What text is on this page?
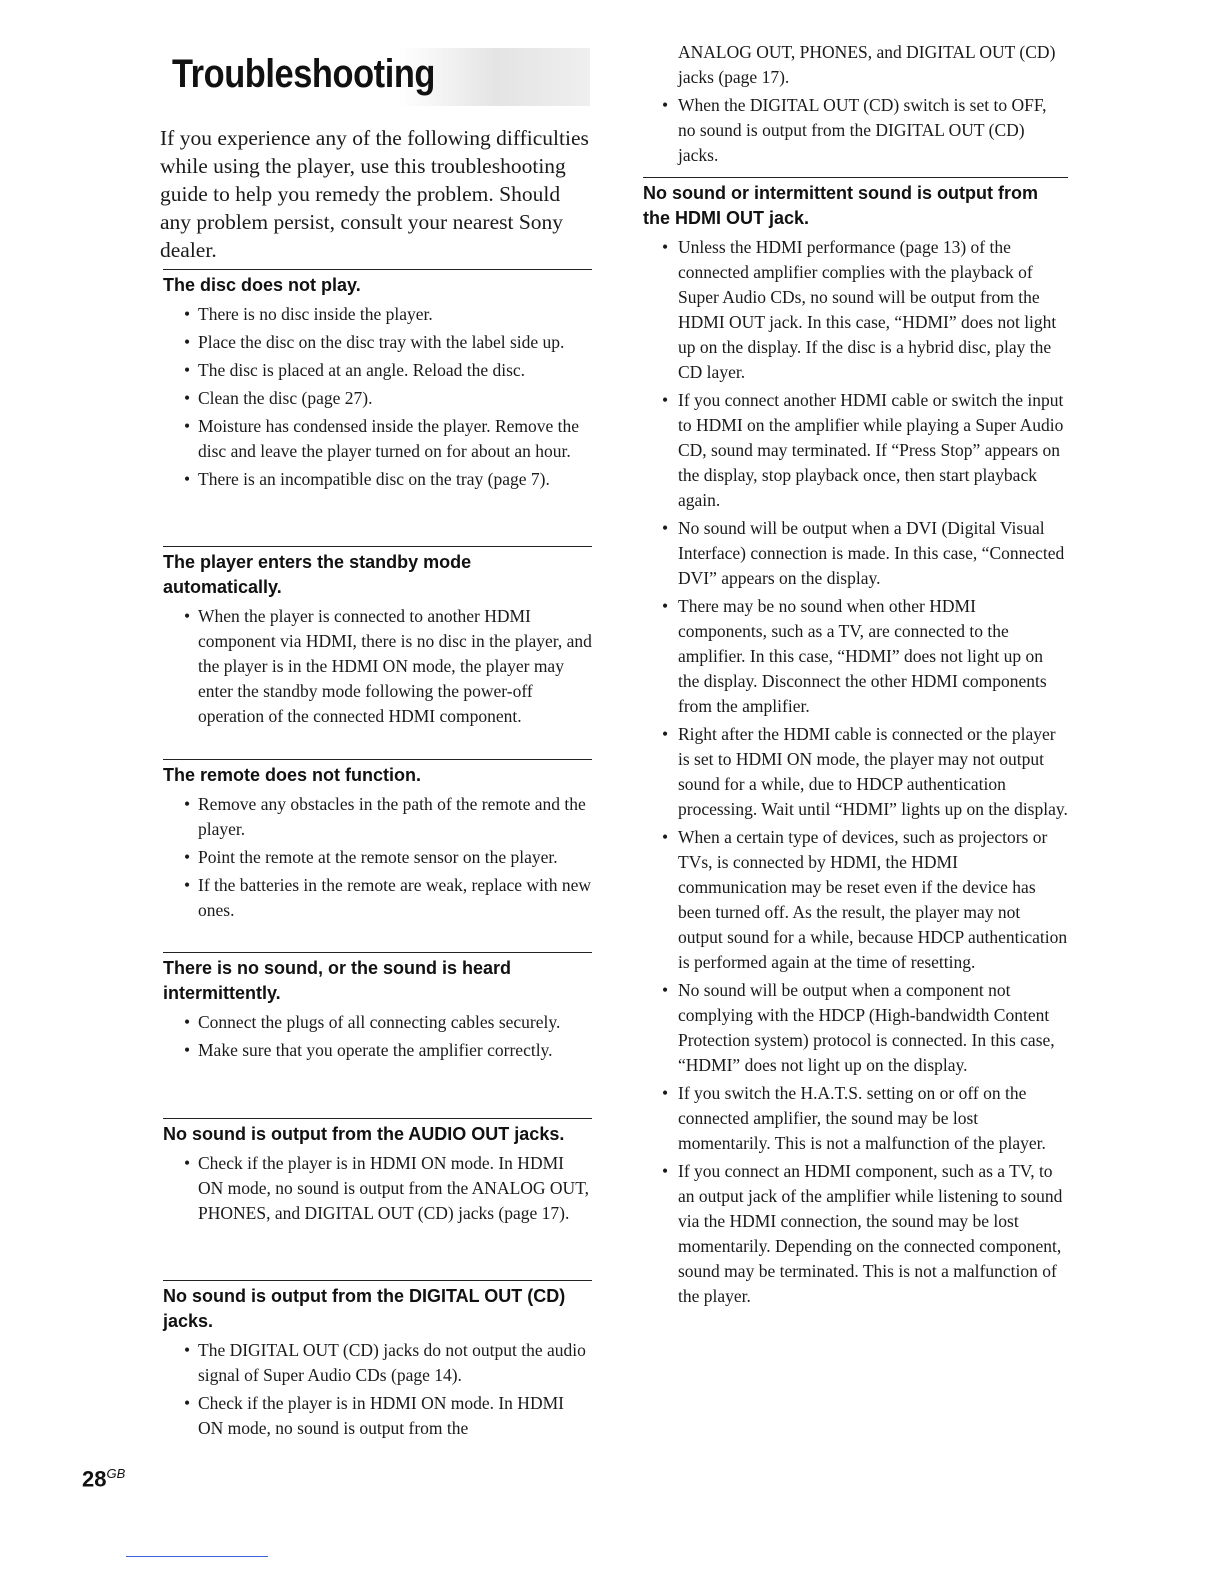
Troubleshooting

If you experience any of the following difficulties while using the player, use this troubleshooting guide to help you remedy the problem. Should any problem persist, consult your nearest Sony dealer.

The disc does not play.
• There is no disc inside the player.
• Place the disc on the disc tray with the label side up.
• The disc is placed at an angle. Reload the disc.
• Clean the disc (page 27).
• Moisture has condensed inside the player. Remove the disc and leave the player turned on for about an hour.
• There is an incompatible disc on the tray (page 7).
The player enters the standby mode automatically.
• When the player is connected to another HDMI component via HDMI, there is no disc in the player, and the player is in the HDMI ON mode, the player may enter the standby mode following the power-off operation of the connected HDMI component.
The remote does not function.
• Remove any obstacles in the path of the remote and the player.
• Point the remote at the remote sensor on the player.
• If the batteries in the remote are weak, replace with new ones.
There is no sound, or the sound is heard intermittently.
• Connect the plugs of all connecting cables securely.
• Make sure that you operate the amplifier correctly.
No sound is output from the AUDIO OUT jacks.
• Check if the player is in HDMI ON mode. In HDMI ON mode, no sound is output from the ANALOG OUT, PHONES, and DIGITAL OUT (CD) jacks (page 17).
No sound is output from the DIGITAL OUT (CD) jacks.
• The DIGITAL OUT (CD) jacks do not output the audio signal of Super Audio CDs (page 14).
• Check if the player is in HDMI ON mode. In HDMI ON mode, no sound is output from the
ANALOG OUT, PHONES, and DIGITAL OUT (CD) jacks (page 17).
• When the DIGITAL OUT (CD) switch is set to OFF, no sound is output from the DIGITAL OUT (CD) jacks.
No sound or intermittent sound is output from the HDMI OUT jack.
• Unless the HDMI performance (page 13) of the connected amplifier complies with the playback of Super Audio CDs, no sound will be output from the HDMI OUT jack. In this case, “HDMI” does not light up on the display. If the disc is a hybrid disc, play the CD layer.
• If you connect another HDMI cable or switch the input to HDMI on the amplifier while playing a Super Audio CD, sound may terminated. If “Press Stop” appears on the display, stop playback once, then start playback again.
• No sound will be output when a DVI (Digital Visual Interface) connection is made. In this case, “Connected DVI” appears on the display.
• There may be no sound when other HDMI components, such as a TV, are connected to the amplifier. In this case, “HDMI” does not light up on the display. Disconnect the other HDMI components from the amplifier.
• Right after the HDMI cable is connected or the player is set to HDMI ON mode, the player may not output sound for a while, due to HDCP authentication processing. Wait until “HDMI” lights up on the display.
• When a certain type of devices, such as projectors or TVs, is connected by HDMI, the HDMI communication may be reset even if the device has been turned off. As the result, the player may not output sound for a while, because HDCP authentication is performed again at the time of resetting.
• No sound will be output when a component not complying with the HDCP (High-bandwidth Content Protection system) protocol is connected. In this case, “HDMI” does not light up on the display.
• If you switch the H.A.T.S. setting on or off on the connected amplifier, the sound may be lost momentarily. This is not a malfunction of the player.
• If you connect an HDMI component, such as a TV, to an output jack of the amplifier while listening to sound via the HDMI connection, the sound may be lost momentarily. Depending on the connected component, sound may be terminated. This is not a malfunction of the player.

$28^{GB}$
